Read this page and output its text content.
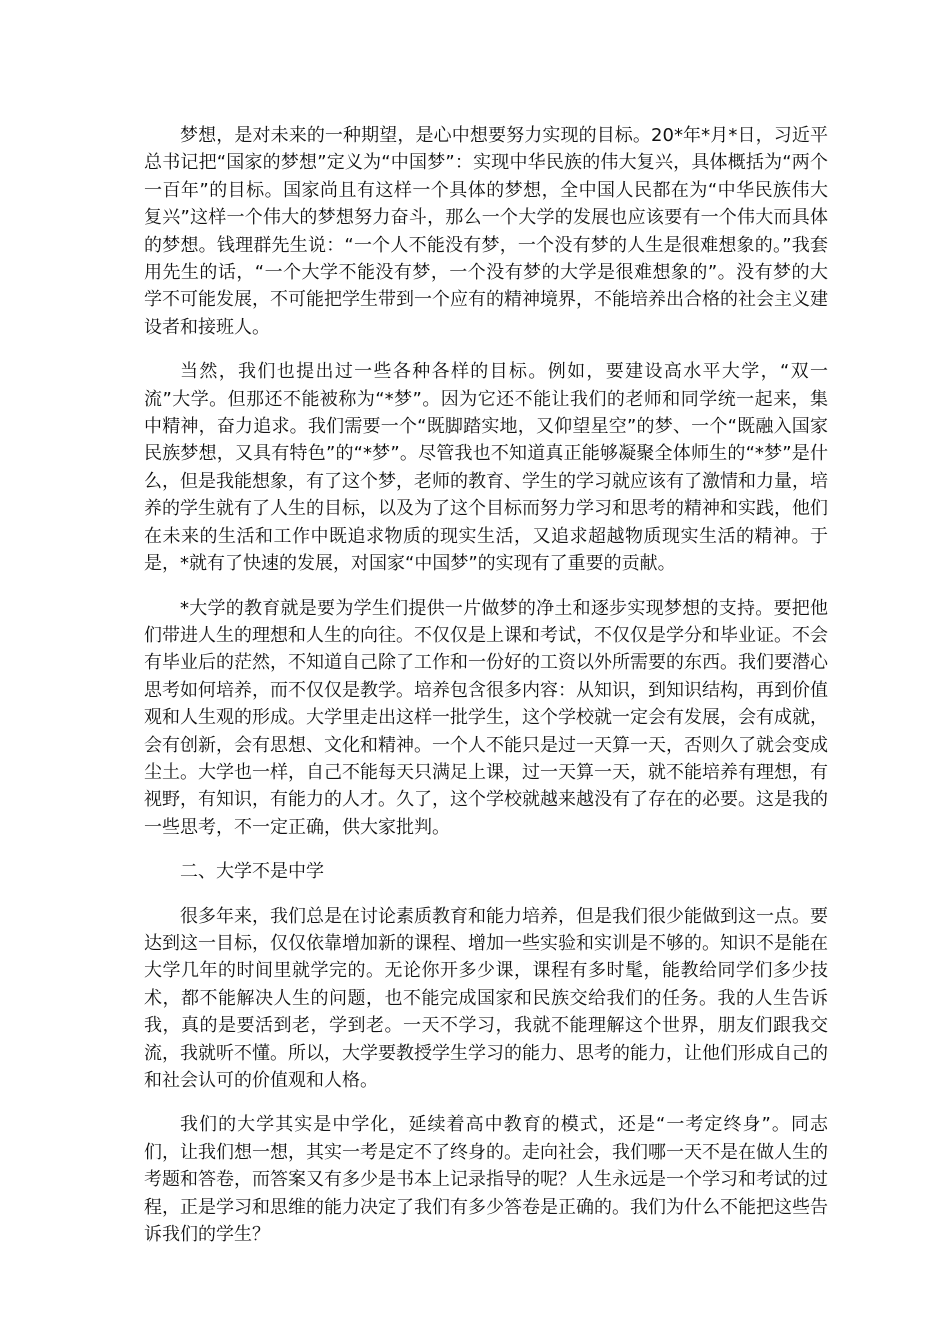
梦想，是对未来的一种期望，是心中想要努力实现的目标。20*年*月*日，习近平总书记把“国家的梦想”定义为“中国梦”：实现中华民族的伟大复兴，具体概括为“两个一百年”的目标。国家尚且有这样一个具体的梦想，全中国人民都在为“中华民族伟大复兴”这样一个伟大的梦想努力奋斗，那么一个大学的发展也应该要有一个伟大而具体的梦想。钱理群先生说：“一个人不能没有梦，一个没有梦的人生是很难想象的。”我套用先生的话，“一个大学不能没有梦，一个没有梦的大学是很难想象的”。没有梦的大学不可能发展，不可能把学生带到一个应有的精神境界，不能培养出合格的社会主义建设者和接班人。

当然，我们也提出过一些各种各样的目标。例如，要建设高水平大学，“双一流”大学。但那还不能被称为“*梦”。因为它还不能让我们的老师和同学统一起来，集中精神，奋力追求。我们需要一个“既脚踏实地，又仰望星空”的梦、一个“既融入国家民族梦想，又具有特色”的“*梦”。尽管我也不知道真正能够凝聚全体师生的“*梦”是什么，但是我能想象，有了这个梦，老师的教育、学生的学习就应该有了激情和力量，培养的学生就有了人生的目标，以及为了这个目标而努力学习和思考的精神和实践，他们在未来的生活和工作中既追求物质的现实生活，又追求超越物质现实生活的精神。于是，*就有了快速的发展，对国家“中国梦”的实现有了重要的贡献。

*大学的教育就是要为学生们提供一片做梦的净土和逐步实现梦想的支持。要把他们带进人生的理想和人生的向往。不仅仅是上课和考试，不仅仅是学分和毕业证。不会有毕业后的茫然，不知道自己除了工作和一份好的工资以外所需要的东西。我们要潜心思考如何培养，而不仅仅是教学。培养包含很多内容：从知识，到知识结构，再到价值观和人生观的形成。大学里走出这样一批学生，这个学校就一定会有发展，会有成就，会有创新，会有思想、文化和精神。一个人不能只是过一天算一天，否则久了就会变成尘土。大学也一样，自己不能每天只满足上课，过一天算一天，就不能培养有理想，有视野，有知识，有能力的人才。久了，这个学校就越来越没有了存在的必要。这是我的一些思考，不一定正确，供大家批判。

二、大学不是中学

很多年来，我们总是在讨论素质教育和能力培养，但是我们很少能做到这一点。要达到这一目标，仅仅依靠增加新的课程、增加一些实验和实训是不够的。知识不是能在大学几年的时间里就学完的。无论你开多少课，课程有多时髦，能教给同学们多少技术，都不能解决人生的问题，也不能完成国家和民族交给我们的任务。我的人生告诉我，真的是要活到老，学到老。一天不学习，我就不能理解这个世界，朋友们跟我交流，我就听不懂。所以，大学要教授学生学习的能力、思考的能力，让他们形成自己的和社会认可的价值观和人格。

我们的大学其实是中学化，延续着高中教育的模式，还是“一考定终身”。同志们，让我们想一想，其实一考是定不了终身的。走向社会，我们哪一天不是在做人生的考题和答卷，而答案又有多少是书本上记录指导的呢？人生永远是一个学习和考试的过程，正是学习和思维的能力决定了我们有多少答卷是正确的。我们为什么不能把这些告诉我们的学生？
